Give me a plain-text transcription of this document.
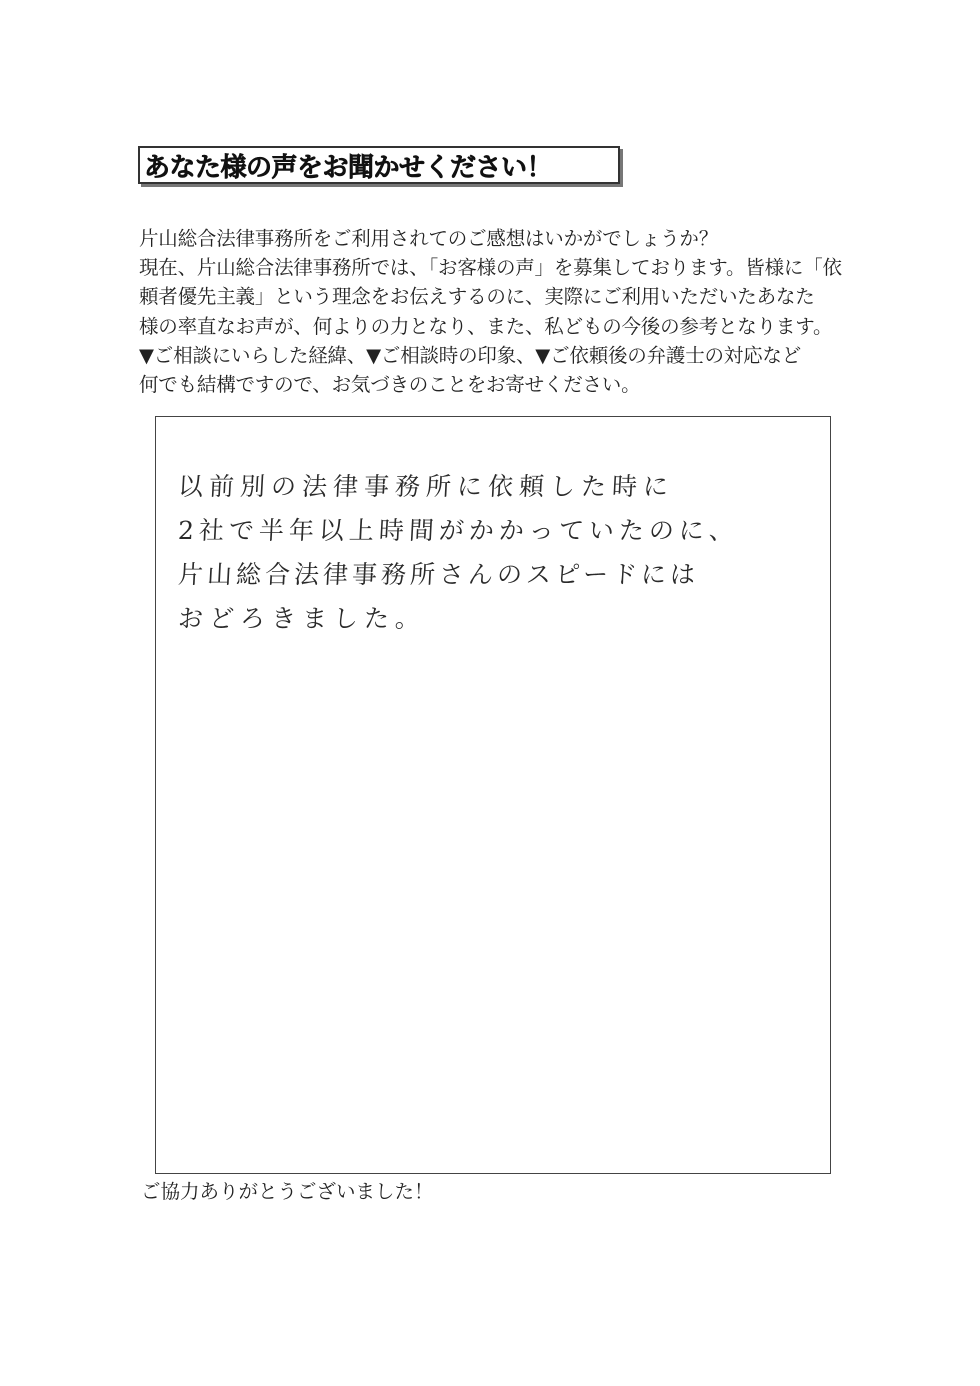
あなた様の声をお聞かせください！
片山総合法律事務所をご利用されてのご感想はいかがでしょうか？
現在、片山総合法律事務所では、「お客様の声」を募集しております。皆様に「依
頼者優先主義」という理念をお伝えするのに、実際にご利用いただいたあなた
様の率直なお声が、何よりの力となり、また、私どもの今後の参考となります。
▼ご相談にいらした経緯、▼ご相談時の印象、▼ご依頼後の弁護士の対応など
何でも結構ですので、お気づきのことをお寄せください。
以前別の法律事務所に依頼した時に
2社で半年以上時間がかかっていたのに、
片山総合法律事務所さんのスピードには
おどろきました。
ご協力ありがとうございました！
